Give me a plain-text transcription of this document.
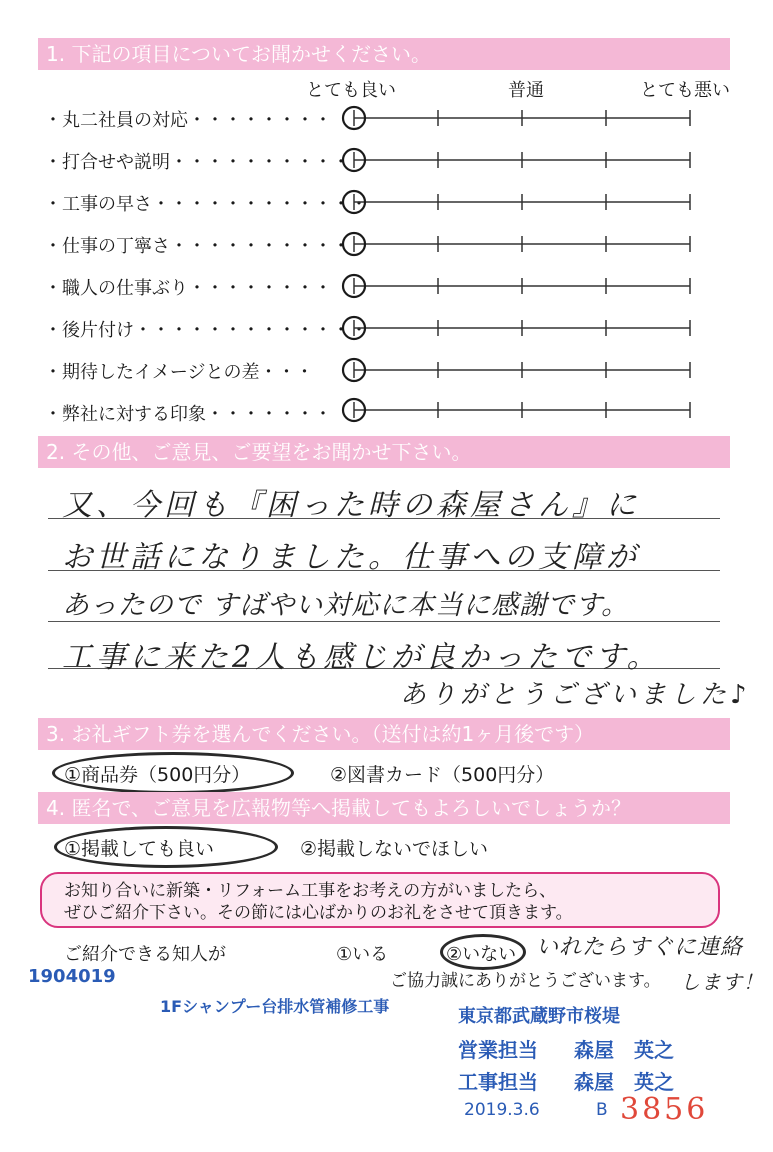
1. 下記の項目についてお聞かせください。
とても良い	普通	とても悪い
・丸二社員の対応・・・・・・・・
・打合せや説明・・・・・・・・・・
・工事の早さ・・・・・・・・・・・・
・仕事の丁寧さ・・・・・・・・・・
・職人の仕事ぶり・・・・・・・・
・後片付け・・・・・・・・・・・・・
・期待したイメージとの差・・・
・弊社に対する印象・・・・・・・
2. その他、ご意見、ご要望をお聞かせ下さい。
又、今回も『困った時の森屋さん』に
お世話になりました。仕事への支障が
あったので すばやい対応に本当に感謝です。
工事に来た2人も感じが良かったです。
ありがとうございました♪
3. お礼ギフト券を選んでください。（送付は約1ヶ月後です）
①商品券（500円分）	②図書カード（500円分）
4. 匿名で、ご意見を広報物等へ掲載してもよろしいでしょうか？
①掲載しても良い	②掲載しないでほしい
お知り合いに新築・リフォーム工事をお考えの方がいましたら、
ぜひご紹介下さい。その節には心ばかりのお礼をさせて頂きます。
ご紹介できる知人が	①いる	②いない いれたらすぐに連絡
します！
ご協力誠にありがとうございます。
1904019
1Fシャンプー台排水管補修工事	東京都武蔵野市桜堤
営業担当 森屋　英之
工事担当 森屋　英之
2019.3.6	B 3856
